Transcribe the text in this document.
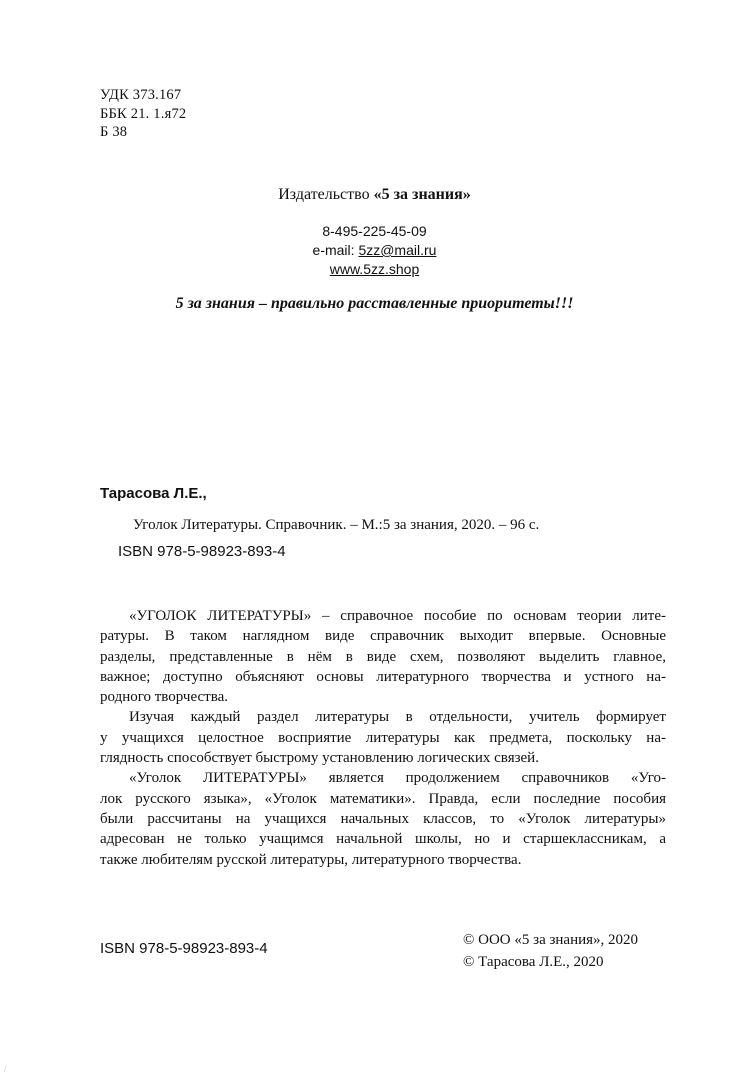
УДК 373.167
ББК 21. 1.я72
Б 38
Издательство «5 за знания»
8-495-225-45-09
e-mail: 5zz@mail.ru
www.5zz.shop
5 за знания – правильно расставленные приоритеты!!!
Тарасова Л.Е.,
Уголок Литературы. Справочник. – М.:5 за знания, 2020. – 96 с.
ISBN 978-5-98923-893-4
«УГОЛОК ЛИТЕРАТУРЫ» – справочное пособие по основам теории лите-
ратуры. В таком наглядном виде справочник выходит впервые. Основные
разделы, представленные в нём в виде схем, позволяют выделить главное,
важное; доступно объясняют основы литературного творчества и устного на-
родного творчества.
Изучая каждый раздел литературы в отдельности, учитель формирует
у учащихся целостное восприятие литературы как предмета, поскольку на-
глядность способствует быстрому установлению логических связей.
«Уголок ЛИТЕРАТУРЫ» является продолжением справочников «Уго-
лок русского языка», «Уголок математики». Правда, если последние пособия
были рассчитаны на учащихся начальных классов, то «Уголок литературы»
адресован не только учащимся начальной школы, но и старшеклассникам, а
также любителям русской литературы, литературного творчества.
ISBN 978-5-98923-893-4	© ООО «5 за знания», 2020
© Тарасова Л.Е., 2020
/
